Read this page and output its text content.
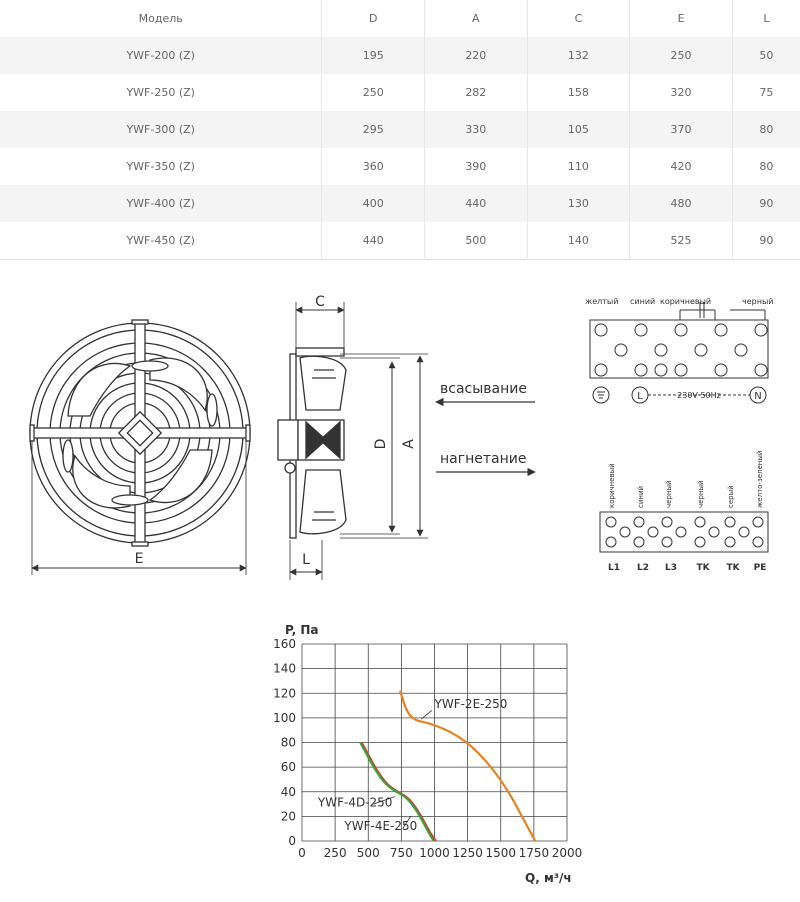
Модель	D	A	C	E	L
YWF-200 (Z)	195	220	132	250	50
YWF-250 (Z)	250	282	158	320	75
YWF-300 (Z)	295	330	105	370	80
YWF-350 (Z)	360	390	110	420	80
YWF-400 (Z)	400	440	130	480	90
YWF-450 (Z)	440	500	140	525	90
E
C
L
D A
всасывание
нагнетание
желтый синий коричневый	черный
L	N
230V 50Hz
коричневый	синий	черный	черный	серый	желто-зеленый
L1 L2 L3 TK TK PE
P, Па
Q, м³/ч
0 250 500 750 1000 1250 1500 1750 2000
0
20
40
60
80
100
120
140
160
YWF-2E-250
YWF-4D-250
YWF-4E-250
